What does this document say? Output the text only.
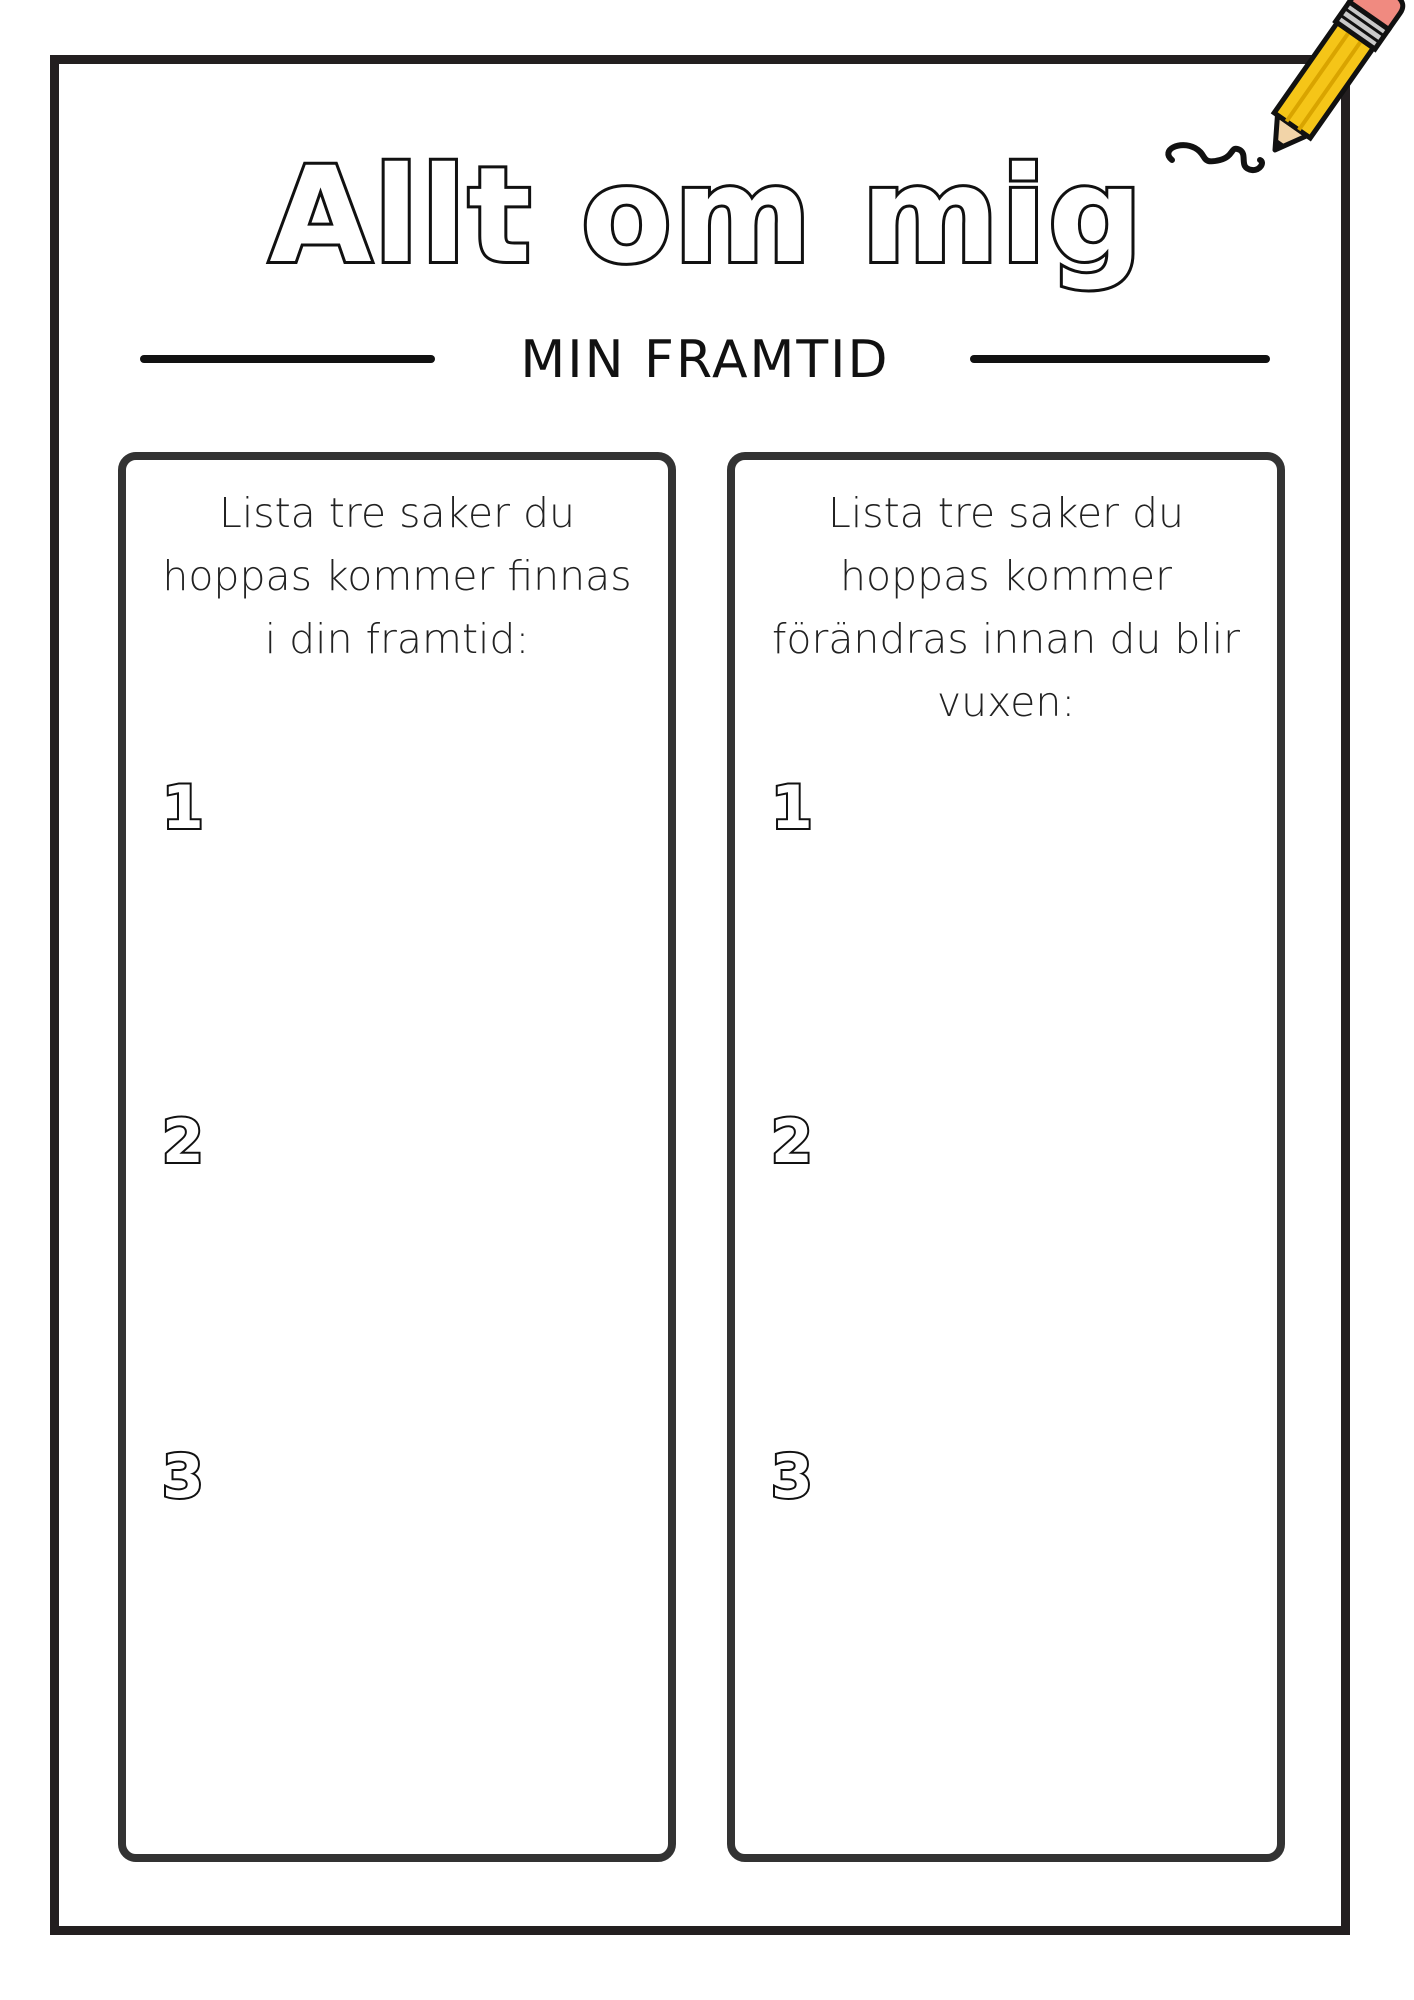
Allt om mig
MIN FRAMTID
Lista tre saker du hoppas kommer finnas i din framtid:
1
2
3
Lista tre saker du hoppas kommer förändras innan du blir vuxen:
1
2
3
